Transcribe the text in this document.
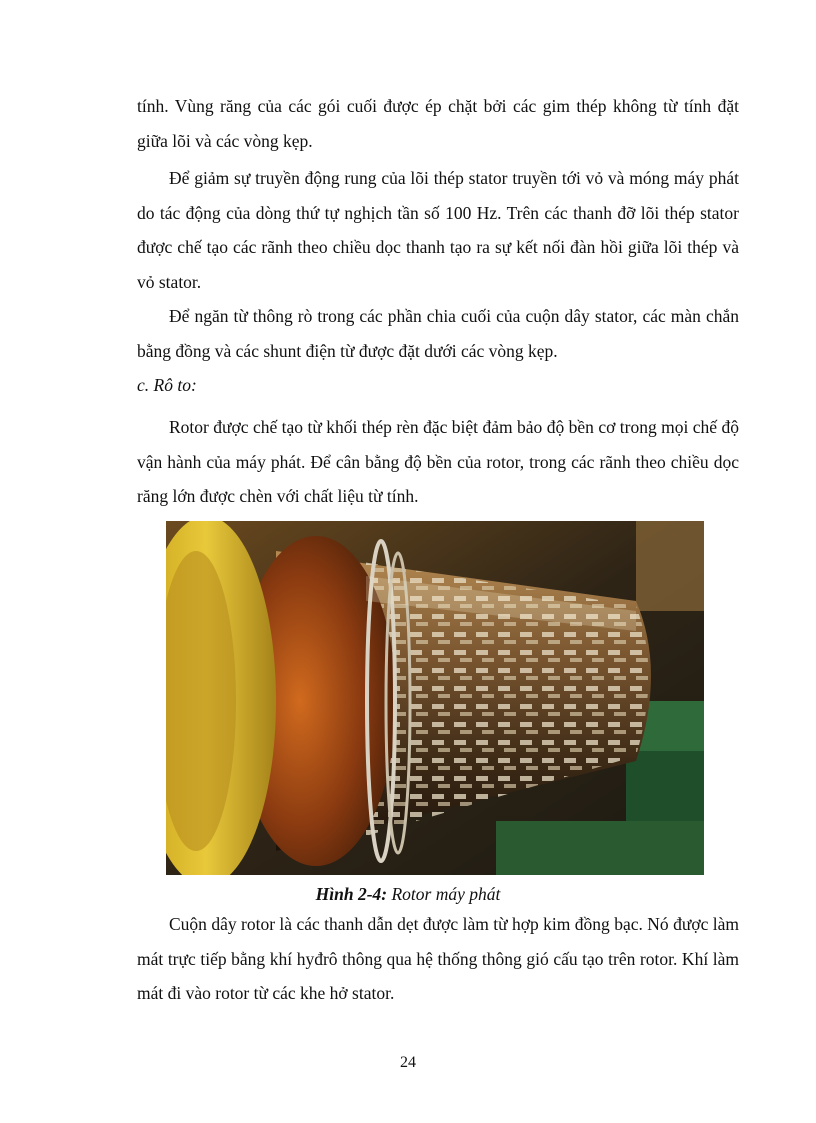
tính. Vùng răng của các gói cuối được ép chặt bởi các gim thép không từ tính đặt giữa lõi và các vòng kẹp.

Để giảm sự truyền động rung của lõi thép stator truyền tới vỏ và móng máy phát do tác động của dòng thứ tự nghịch tần số 100 Hz. Trên các thanh đỡ lõi thép stator được chế tạo các rãnh theo chiều dọc thanh tạo ra sự kết nối đàn hồi giữa lõi thép và vỏ stator.

Để ngăn từ thông rò trong các phần chia cuối của cuộn dây stator, các màn chắn bằng đồng và các shunt điện từ được đặt dưới các vòng kẹp.

c. Rô to:

Rotor được chế tạo từ khối thép rèn đặc biệt đảm bảo độ bền cơ trong mọi chế độ vận hành của máy phát. Để cân bằng độ bền của rotor, trong các rãnh theo chiều dọc răng lớn được chèn với chất liệu từ tính.

Hình 2-4: Rotor máy phát

Cuộn dây rotor là các thanh dẫn dẹt được làm từ hợp kim đồng bạc. Nó được làm mát trực tiếp bằng khí hyđrô thông qua hệ thống thông gió cấu tạo trên rotor. Khí làm mát đi vào rotor từ các khe hở stator.

24
